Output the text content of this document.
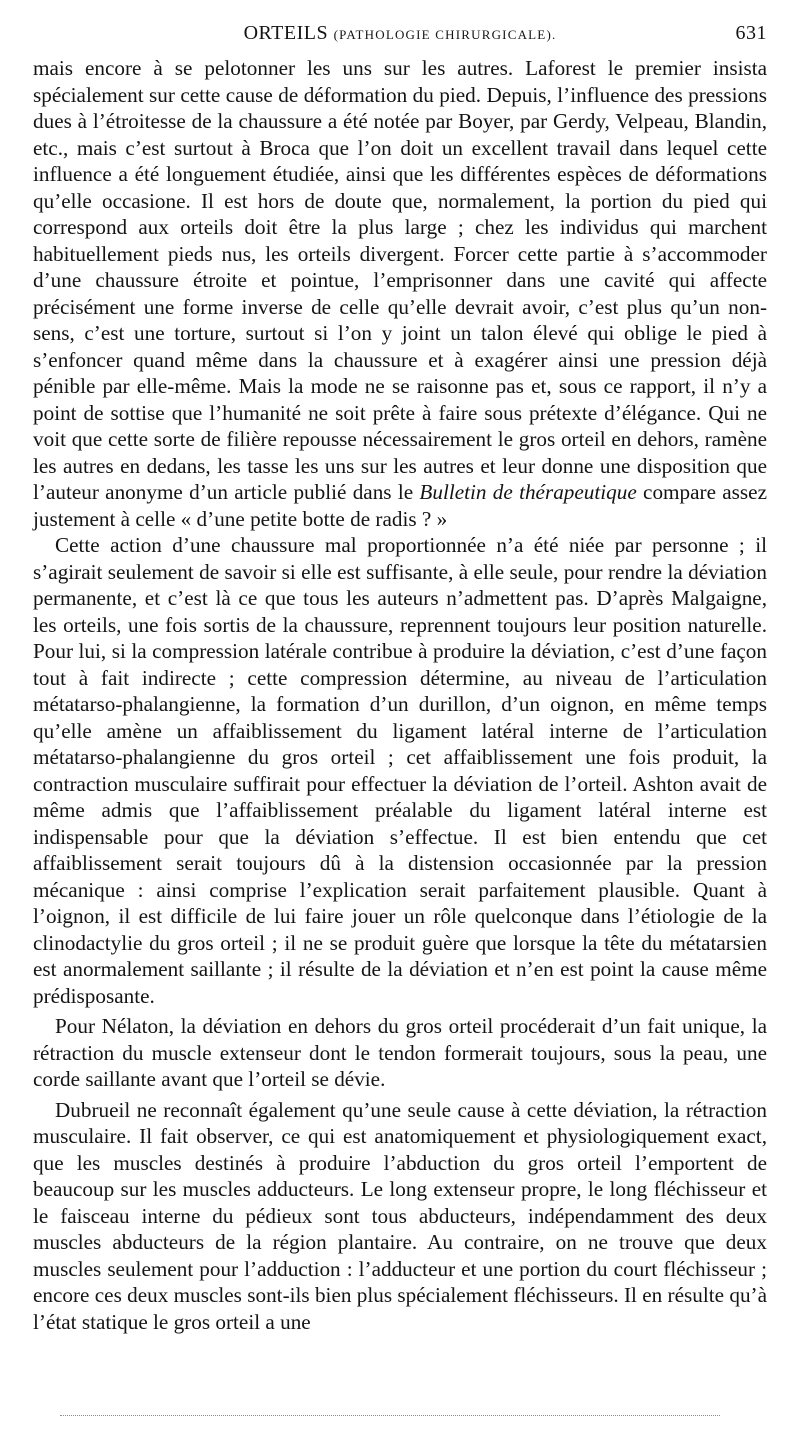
ORTEILS (PATHOLOGIE CHIRURGICALE).	631

mais encore à se pelotonner les uns sur les autres. Laforest le premier insista spécialement sur cette cause de déformation du pied. Depuis, l’influence des pressions dues à l’étroitesse de la chaussure a été notée par Boyer, par Gerdy, Velpeau, Blandin, etc., mais c’est surtout à Broca que l’on doit un excellent travail dans lequel cette influence a été longuement étudiée, ainsi que les différentes espèces de déformations qu’elle occasione. Il est hors de doute que, normalement, la portion du pied qui correspond aux orteils doit être la plus large ; chez les individus qui marchent habituellement pieds nus, les orteils divergent. Forcer cette partie à s’accommoder d’une chaussure étroite et pointue, l’emprisonner dans une cavité qui affecte précisément une forme inverse de celle qu’elle devrait avoir, c’est plus qu’un non-sens, c’est une torture, surtout si l’on y joint un talon élevé qui oblige le pied à s’enfoncer quand même dans la chaussure et à exagérer ainsi une pression déjà pénible par elle-même. Mais la mode ne se raisonne pas et, sous ce rapport, il n’y a point de sottise que l’humanité ne soit prête à faire sous prétexte d’élégance. Qui ne voit que cette sorte de filière repousse nécessairement le gros orteil en dehors, ramène les autres en dedans, les tasse les uns sur les autres et leur donne une disposition que l’auteur anonyme d’un article publié dans le Bulletin de thérapeutique compare assez justement à celle « d’une petite botte de radis ? »

Cette action d’une chaussure mal proportionnée n’a été niée par personne ; il s’agirait seulement de savoir si elle est suffisante, à elle seule, pour rendre la déviation permanente, et c’est là ce que tous les auteurs n’admettent pas. D’après Malgaigne, les orteils, une fois sortis de la chaussure, reprennent toujours leur position naturelle. Pour lui, si la compression latérale contribue à produire la déviation, c’est d’une façon tout à fait indirecte ; cette compression détermine, au niveau de l’articulation métatarso-phalangienne, la formation d’un durillon, d’un oignon, en même temps qu’elle amène un affaiblissement du ligament latéral interne de l’articulation métatarso-phalangienne du gros orteil ; cet affaiblissement une fois produit, la contraction musculaire suffirait pour effectuer la déviation de l’orteil. Ashton avait de même admis que l’affaiblissement préalable du ligament latéral interne est indispensable pour que la déviation s’effectue. Il est bien entendu que cet affaiblissement serait toujours dû à la distension occasionnée par la pression mécanique : ainsi comprise l’explication serait parfaitement plausible. Quant à l’oignon, il est difficile de lui faire jouer un rôle quelconque dans l’étiologie de la clinodactylie du gros orteil ; il ne se produit guère que lorsque la tête du métatarsien est anormalement saillante ; il résulte de la déviation et n’en est point la cause même prédisposante.

Pour Nélaton, la déviation en dehors du gros orteil procéderait d’un fait unique, la rétraction du muscle extenseur dont le tendon formerait toujours, sous la peau, une corde saillante avant que l’orteil se dévie.

Dubrueil ne reconnaît également qu’une seule cause à cette déviation, la rétraction musculaire. Il fait observer, ce qui est anatomiquement et physiologiquement exact, que les muscles destinés à produire l’abduction du gros orteil l’emportent de beaucoup sur les muscles adducteurs. Le long extenseur propre, le long fléchisseur et le faisceau interne du pédieux sont tous abducteurs, indépendamment des deux muscles abducteurs de la région plantaire. Au contraire, on ne trouve que deux muscles seulement pour l’adduction : l’adducteur et une portion du court fléchisseur ; encore ces deux muscles sont-ils bien plus spécialement fléchisseurs. Il en résulte qu’à l’état statique le gros orteil a une
